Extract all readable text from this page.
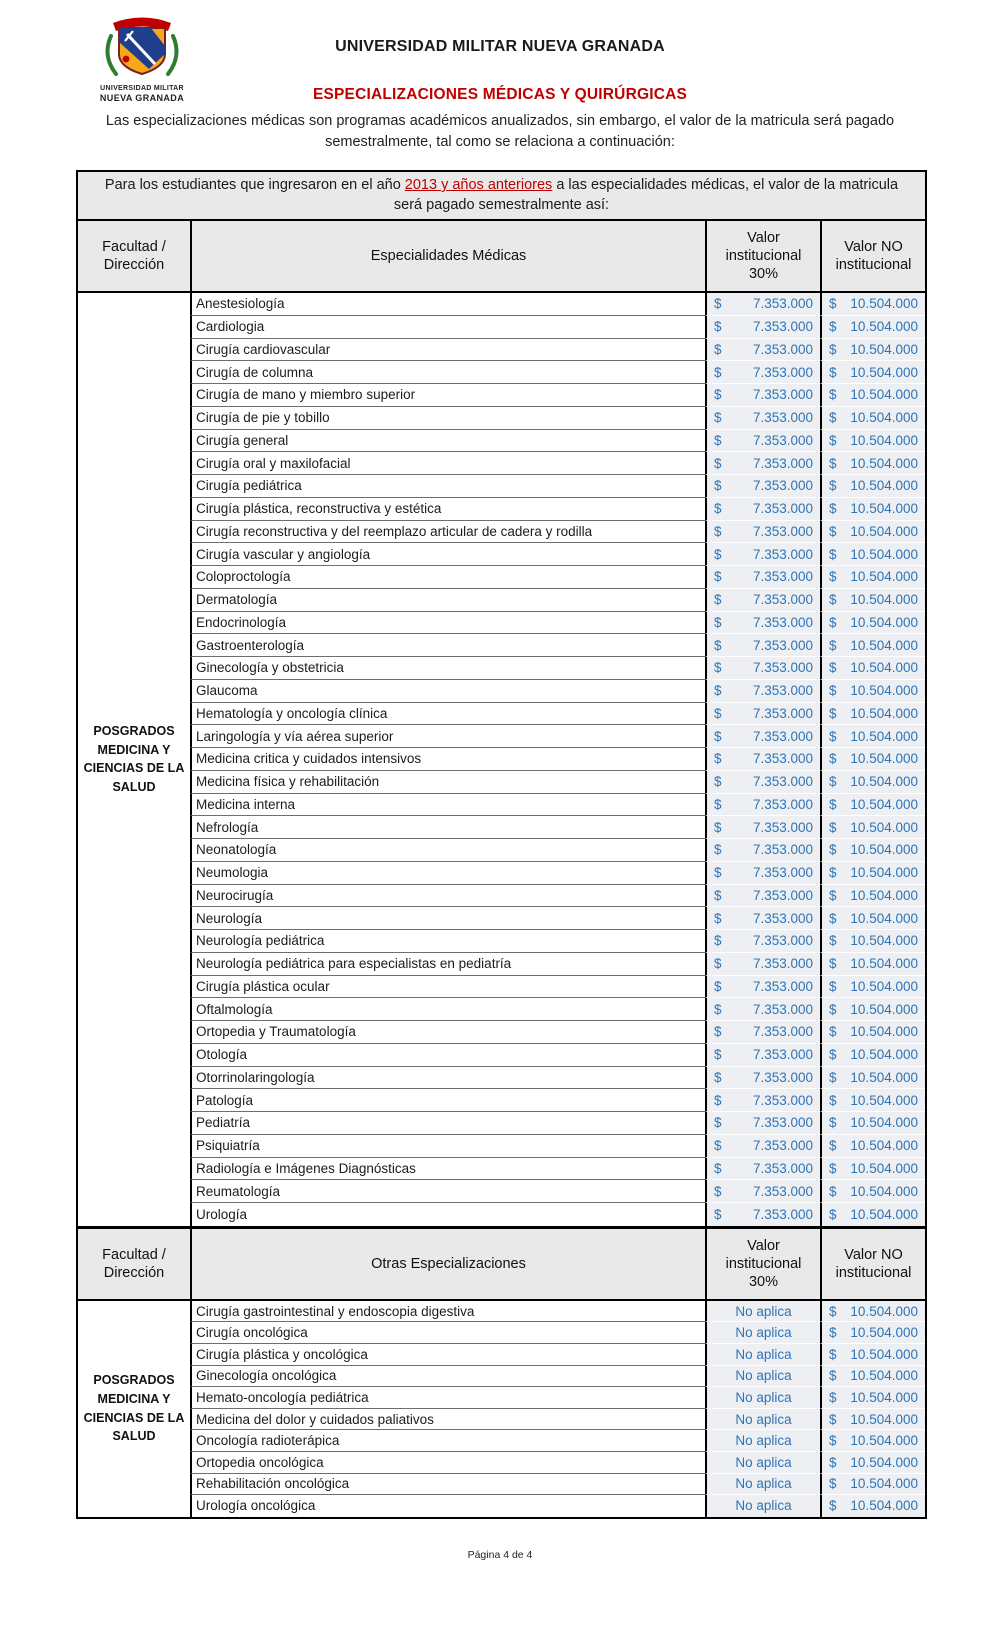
UNIVERSIDAD MILITAR
NUEVA GRANADA
UNIVERSIDAD MILITAR NUEVA GRANADA
ESPECIALIZACIONES MÉDICAS Y QUIRÚRGICAS
Las especializaciones médicas son programas académicos anualizados, sin embargo, el valor de la matricula será pagado semestralmente, tal como se relaciona a continuación:
Para los estudiantes que ingresaron en el año 2013 y años anteriores a las especialidades médicas, el valor de la matricula será pagado semestralmente así:
Facultad / Dirección
Especialidades Médicas
Valor institucional 30%
Valor NO institucional
POSGRADOS MEDICINA Y CIENCIAS DE LA SALUD
Anestesiología	$ 7.353.000 $ 10.504.000
Cardiologia	$ 7.353.000 $ 10.504.000
Cirugía cardiovascular	$ 7.353.000 $ 10.504.000
Cirugía de columna	$ 7.353.000 $ 10.504.000
Cirugía de mano y miembro superior	$ 7.353.000 $ 10.504.000
Cirugía de pie y tobillo	$ 7.353.000 $ 10.504.000
Cirugía general	$ 7.353.000 $ 10.504.000
Cirugía oral y maxilofacial	$ 7.353.000 $ 10.504.000
Cirugía pediátrica	$ 7.353.000 $ 10.504.000
Cirugía plástica, reconstructiva y estética	$ 7.353.000 $ 10.504.000
Cirugía reconstructiva y del reemplazo articular de cadera y rodilla	$ 7.353.000 $ 10.504.000
Cirugía vascular y angiología	$ 7.353.000 $ 10.504.000
Coloproctología	$ 7.353.000 $ 10.504.000
Dermatología	$ 7.353.000 $ 10.504.000
Endocrinología	$ 7.353.000 $ 10.504.000
Gastroenterología	$ 7.353.000 $ 10.504.000
Ginecología y obstetricia	$ 7.353.000 $ 10.504.000
Glaucoma	$ 7.353.000 $ 10.504.000
Hematología y oncología clínica	$ 7.353.000 $ 10.504.000
Laringología y vía aérea superior	$ 7.353.000 $ 10.504.000
Medicina critica y cuidados intensivos	$ 7.353.000 $ 10.504.000
Medicina física y rehabilitación	$ 7.353.000 $ 10.504.000
Medicina interna	$ 7.353.000 $ 10.504.000
Nefrología	$ 7.353.000 $ 10.504.000
Neonatología	$ 7.353.000 $ 10.504.000
Neumologia	$ 7.353.000 $ 10.504.000
Neurocirugía	$ 7.353.000 $ 10.504.000
Neurología	$ 7.353.000 $ 10.504.000
Neurología pediátrica	$ 7.353.000 $ 10.504.000
Neurología pediátrica para especialistas en pediatría	$ 7.353.000 $ 10.504.000
Cirugía plástica ocular	$ 7.353.000 $ 10.504.000
Oftalmología	$ 7.353.000 $ 10.504.000
Ortopedia y Traumatología	$ 7.353.000 $ 10.504.000
Otología	$ 7.353.000 $ 10.504.000
Otorrinolaringología	$ 7.353.000 $ 10.504.000
Patología	$ 7.353.000 $ 10.504.000
Pediatría	$ 7.353.000 $ 10.504.000
Psiquiatría	$ 7.353.000 $ 10.504.000
Radiología e Imágenes Diagnósticas	$ 7.353.000 $ 10.504.000
Reumatología	$ 7.353.000 $ 10.504.000
Urología	$ 7.353.000 $ 10.504.000
Facultad / Dirección
Otras Especializaciones
Valor institucional 30%
Valor NO institucional
POSGRADOS MEDICINA Y CIENCIAS DE LA SALUD
Cirugía gastrointestinal y endoscopia digestiva	No aplica	$ 10.504.000
Cirugía oncológica	No aplica	$ 10.504.000
Cirugía plástica y oncológica	No aplica	$ 10.504.000
Ginecología oncológica	No aplica	$ 10.504.000
Hemato-oncología pediátrica	No aplica	$ 10.504.000
Medicina del dolor y cuidados paliativos	No aplica	$ 10.504.000
Oncología radioterápica	No aplica	$ 10.504.000
Ortopedia oncológica	No aplica	$ 10.504.000
Rehabilitación oncológica	No aplica	$ 10.504.000
Urología oncológica	No aplica	$ 10.504.000
Página 4 de 4
